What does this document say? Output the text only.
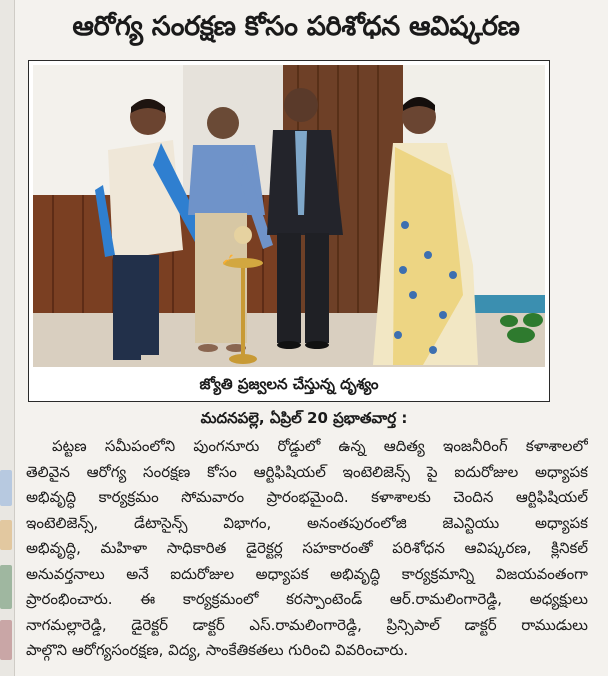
ఆరోగ్య సంరక్షణ కోసం పరిశోధన ఆవిష్కరణ
జ్యోతి ప్రజ్వలన చేస్తున్న దృశ్యం
మదనపల్లె, ఏప్రిల్ 20 ప్రభాతవార్త :
పట్టణ సమీపంలోని పుంగనూరు రోడ్డులో ఉన్న ఆదిత్య ఇంజనీరింగ్ కళాశాలలో
తెలివైన ఆరోగ్య సంరక్షణ కోసం ఆర్టిఫిషియల్ ఇంటెలిజెన్స్ పై ఐదురోజుల అధ్యాపక
అభివృద్ధి కార్యక్రమం సోమవారం ప్రారంభమైంది. కళాశాలకు చెందిన ఆర్టిఫిషియల్
ఇంటెలిజెన్స్, డేటాసైన్స్ విభాగం, అనంతపురంలోజి జెఎన్టియు అధ్యాపక
అభివృద్ధి, మహిళా సాధికారిత డైరెక్టర్ల సహకారంతో పరిశోధన ఆవిష్కరణ, క్లినికల్
అనువర్తనాలు అనే ఐదురోజుల అధ్యాపక అభివృద్ధి కార్యక్రమాన్ని విజయవంతంగా
ప్రారంభించారు. ఈ కార్యక్రమంలో కరస్పాంటెండ్ ఆర్.రామలింగారెడ్డి, అధ్యక్షులు
నాగమల్లారెడ్డి, డైరెక్టర్ డాక్టర్ ఎస్.రామలింగారెడ్డి, ప్రిన్సిపాల్ డాక్టర్ రాముడులు
పాల్గొని ఆరోగ్యసంరక్షణ, విద్య, సాంకేతికతలు గురించి వివరించారు.
